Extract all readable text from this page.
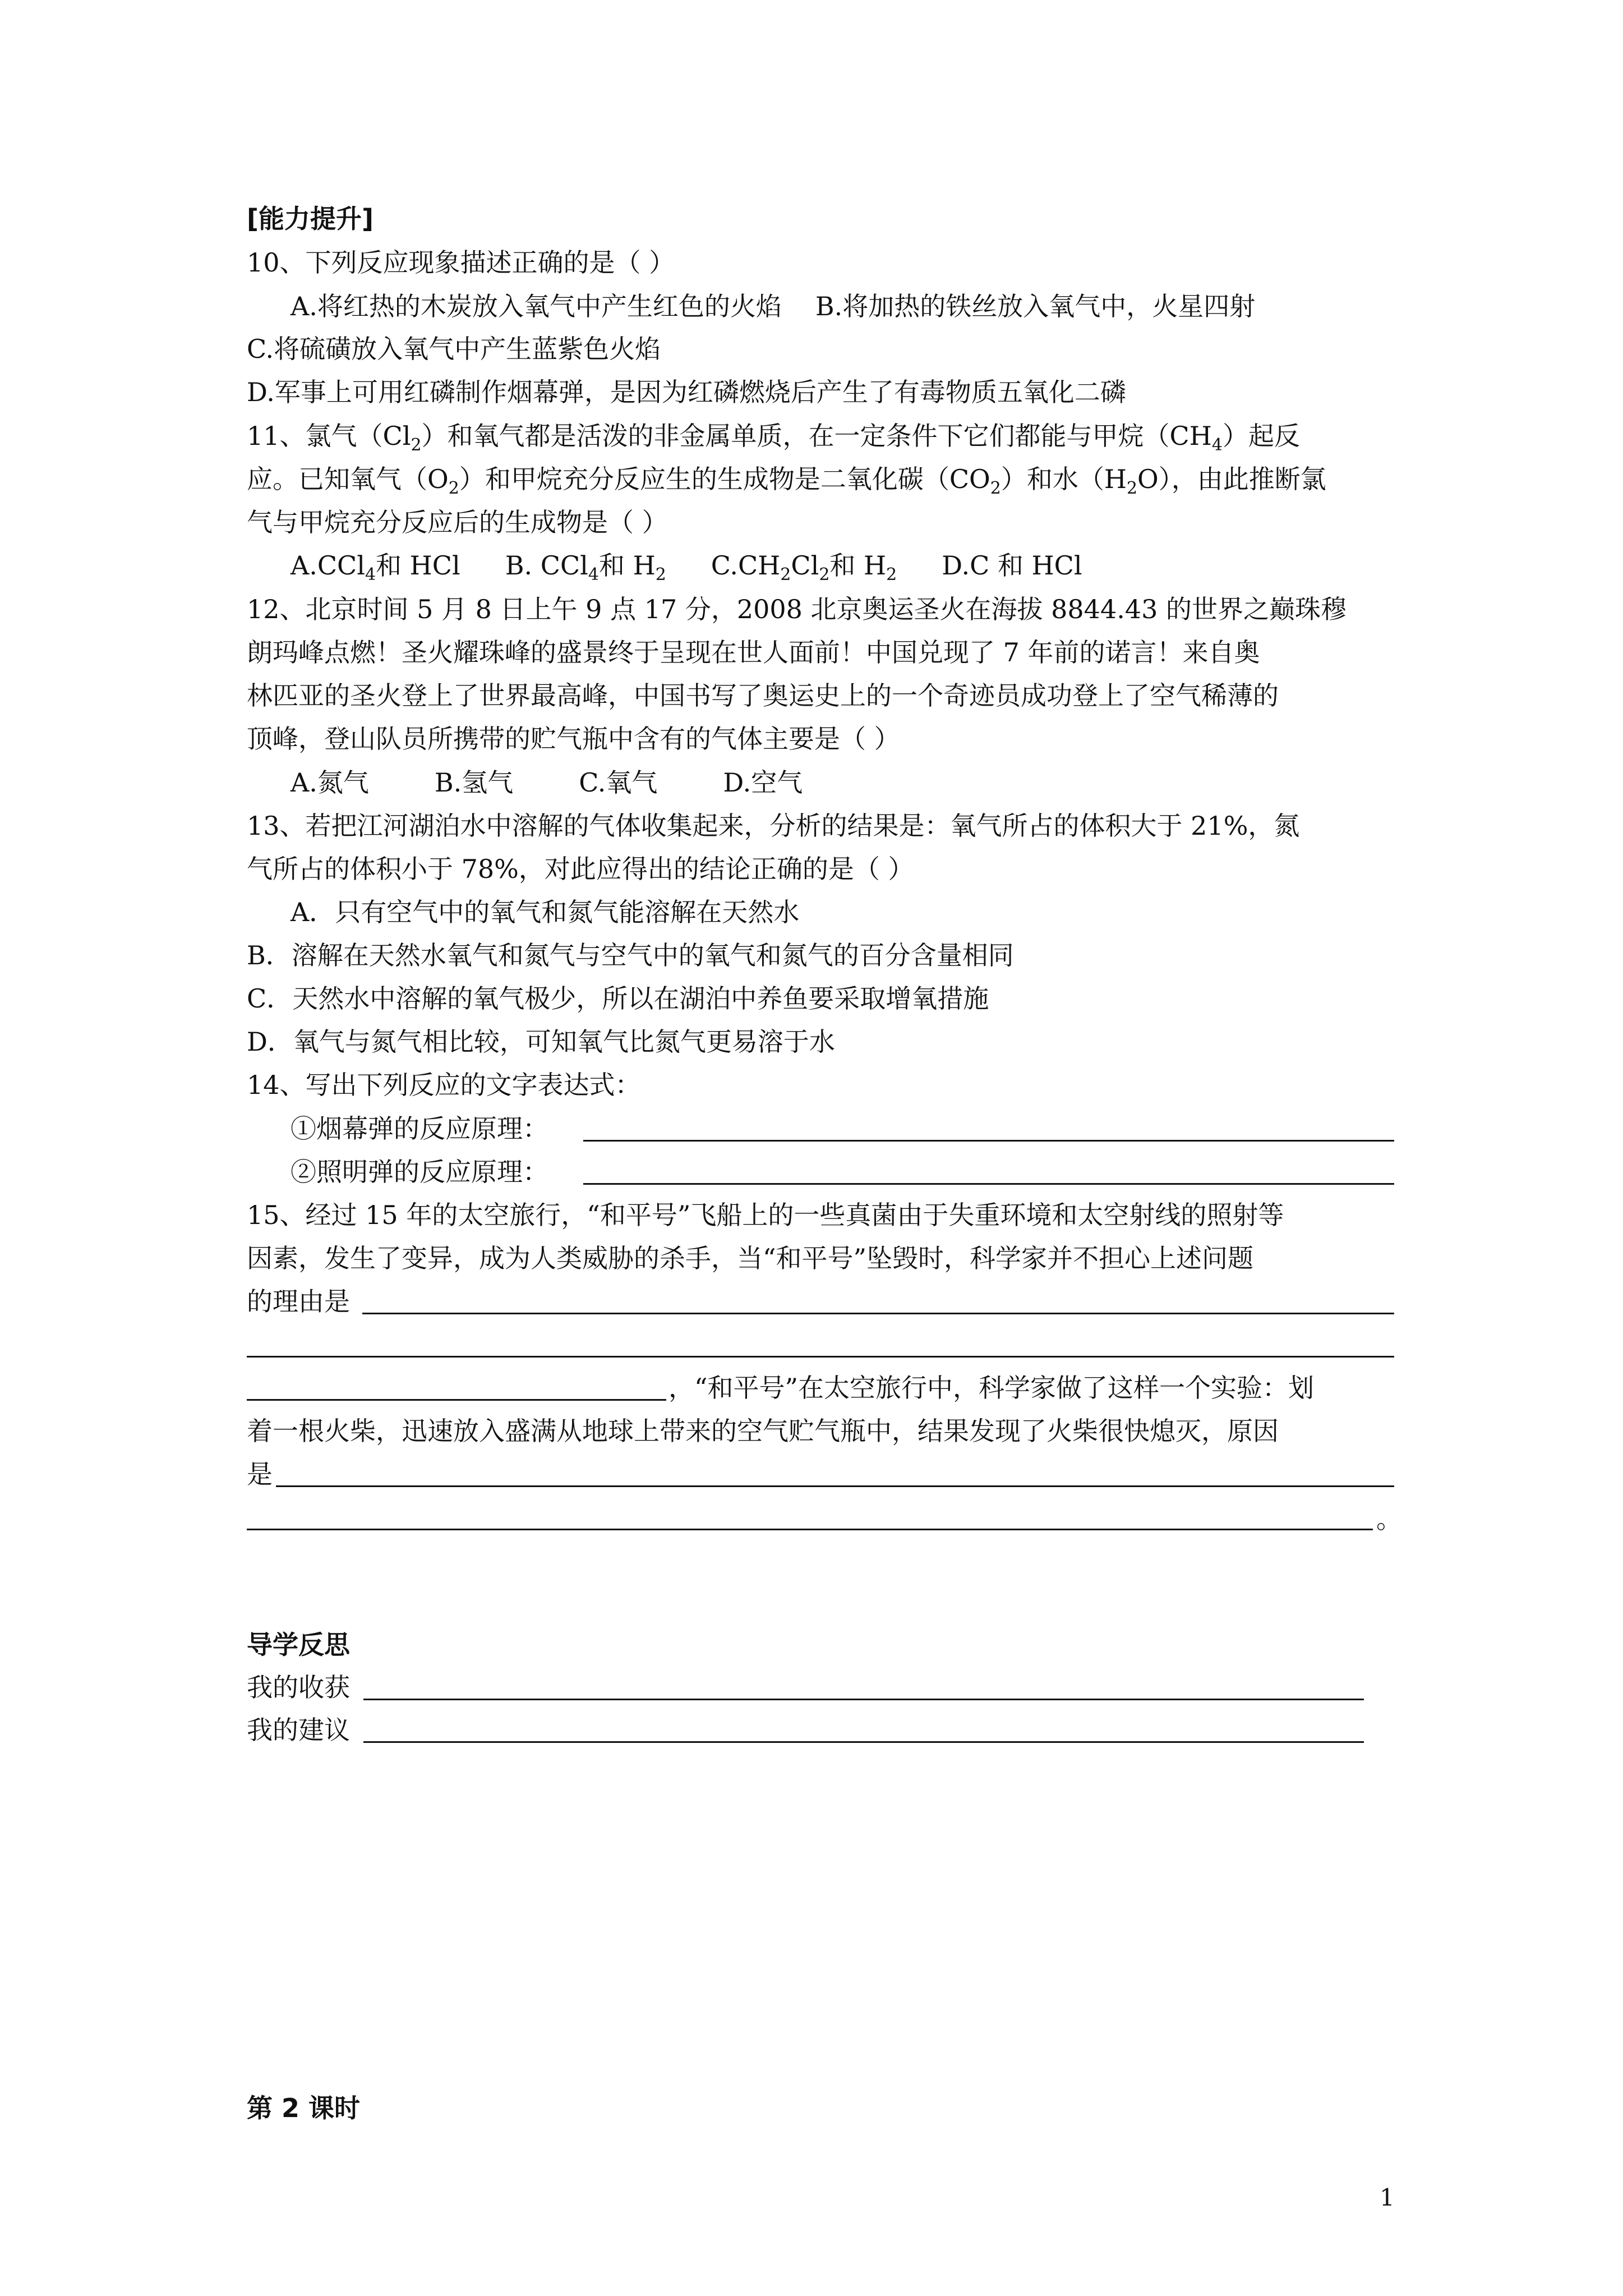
[能力提升]
10、下列反应现象描述正确的是（ ）
A.将红热的木炭放入氧气中产生红色的火焰 B.将加热的铁丝放入氧气中，火星四射
C.将硫磺放入氧气中产生蓝紫色火焰
D.军事上可用红磷制作烟幕弹，是因为红磷燃烧后产生了有毒物质五氧化二磷
11、氯气$(Cl_2)$和氧气都是活泼的非金属单质，在一定条件下它们都能与甲烷$(CH_4)$起反
应。已知氧气$(O_2)$和甲烷充分反应生的生成物是二氧化碳$(CO_2)$和水$(H_2O)$，由此推断氯
气与甲烷充分反应后的生成物是（ ）
A.CCl$_4$和 HCl B. CCl$_4$和 $H_2$ $C.CH_2Cl_2$和 $H_2$ D.C 和 HCl
12、北京时间 5 月 8 日上午 9 点 17 分，2008 北京奥运圣火在海拔 8844.43 的世界之巅珠穆
朗玛峰点燃！圣火耀珠峰的盛景终于呈现在世人面前！中国兑现了 7 年前的诺言！来自奥
林匹亚的圣火登上了世界最高峰，中国书写了奥运史上的一个奇迹员成功登上了空气稀薄的
顶峰，登山队员所携带的贮气瓶中含有的气体主要是（ ）
A.氮气        B.氢气        C.氧气        D.空气
13、若把江河湖泊水中溶解的气体收集起来，分析的结果是：氧气所占的体积大于 21%，氮
气所占的体积小于 78%，对此应得出的结论正确的是（ ）
A．只有空气中的氧气和氮气能溶解在天然水
B．溶解在天然水氧气和氮气与空气中的氧气和氮气的百分含量相同
C．天然水中溶解的氧气极少，所以在湖泊中养鱼要采取增氧措施
D．氧气与氮气相比较，可知氧气比氮气更易溶于水
14、写出下列反应的文字表达式：
①烟幕弹的反应原理：
②照明弹的反应原理：
15、经过 15 年的太空旅行，“和平号”飞船上的一些真菌由于失重环境和太空射线的照射等
因素，发生了变异，成为人类威胁的杀手，当“和平号”坠毁时，科学家并不担心上述问题
的理由是
，“和平号”在太空旅行中，科学家做了这样一个实验：划
着一根火柴，迅速放入盛满从地球上带来的空气贮气瓶中，结果发现了火柴很快熄灭，原因
是
。
导学反思
我的收获
我的建议
第 2 课时
1
